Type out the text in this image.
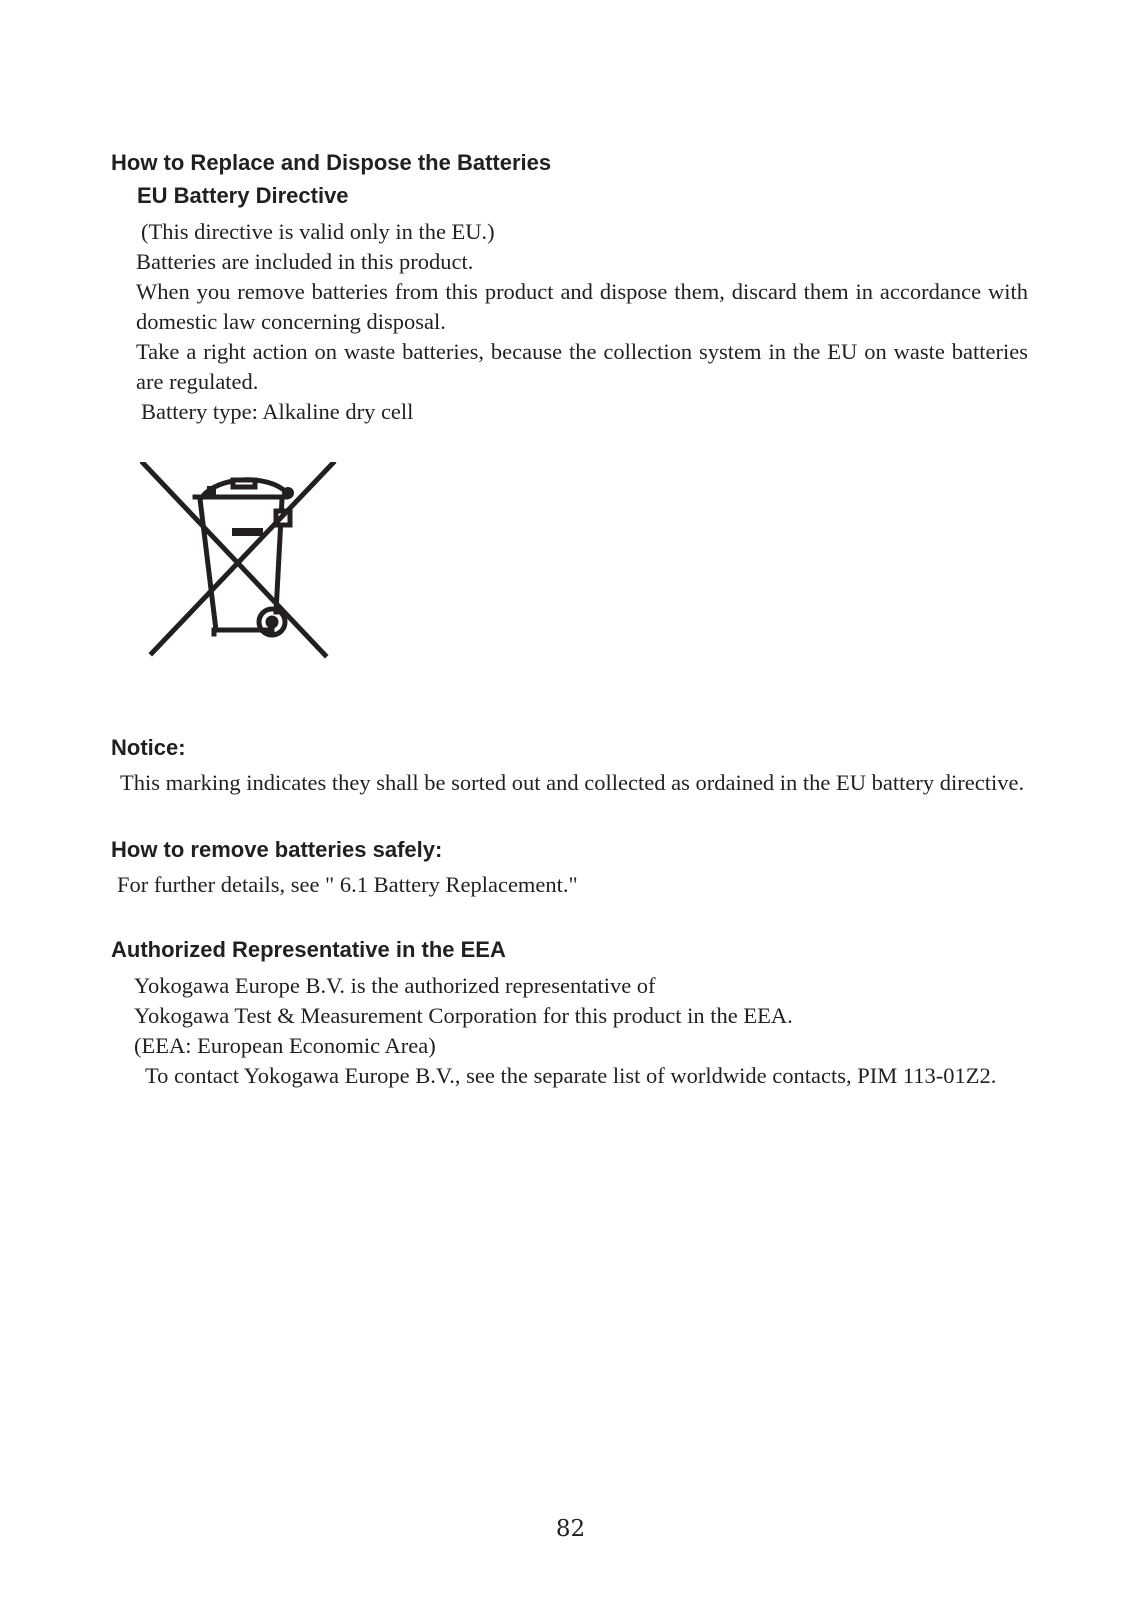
How to Replace and Dispose the Batteries
EU Battery Directive
(This directive is valid only in the EU.)
Batteries are included in this product.
When you remove batteries from this product and dispose them, discard them in accordance with domestic law concerning disposal.
Take a right action on waste batteries, because the collection system in the EU on waste batteries are regulated.
Battery type: Alkaline dry cell
Notice:
This marking indicates they shall be sorted out and collected as ordained in the EU battery directive.
How to remove batteries safely:
For further details, see " 6.1 Battery Replacement."
Authorized Representative in the EEA
Yokogawa Europe B.V. is the authorized representative of
Yokogawa Test & Measurement Corporation for this product in the EEA.
(EEA: European Economic Area)
To contact Yokogawa Europe B.V., see the separate list of worldwide contacts, PIM 113-01Z2.
82
